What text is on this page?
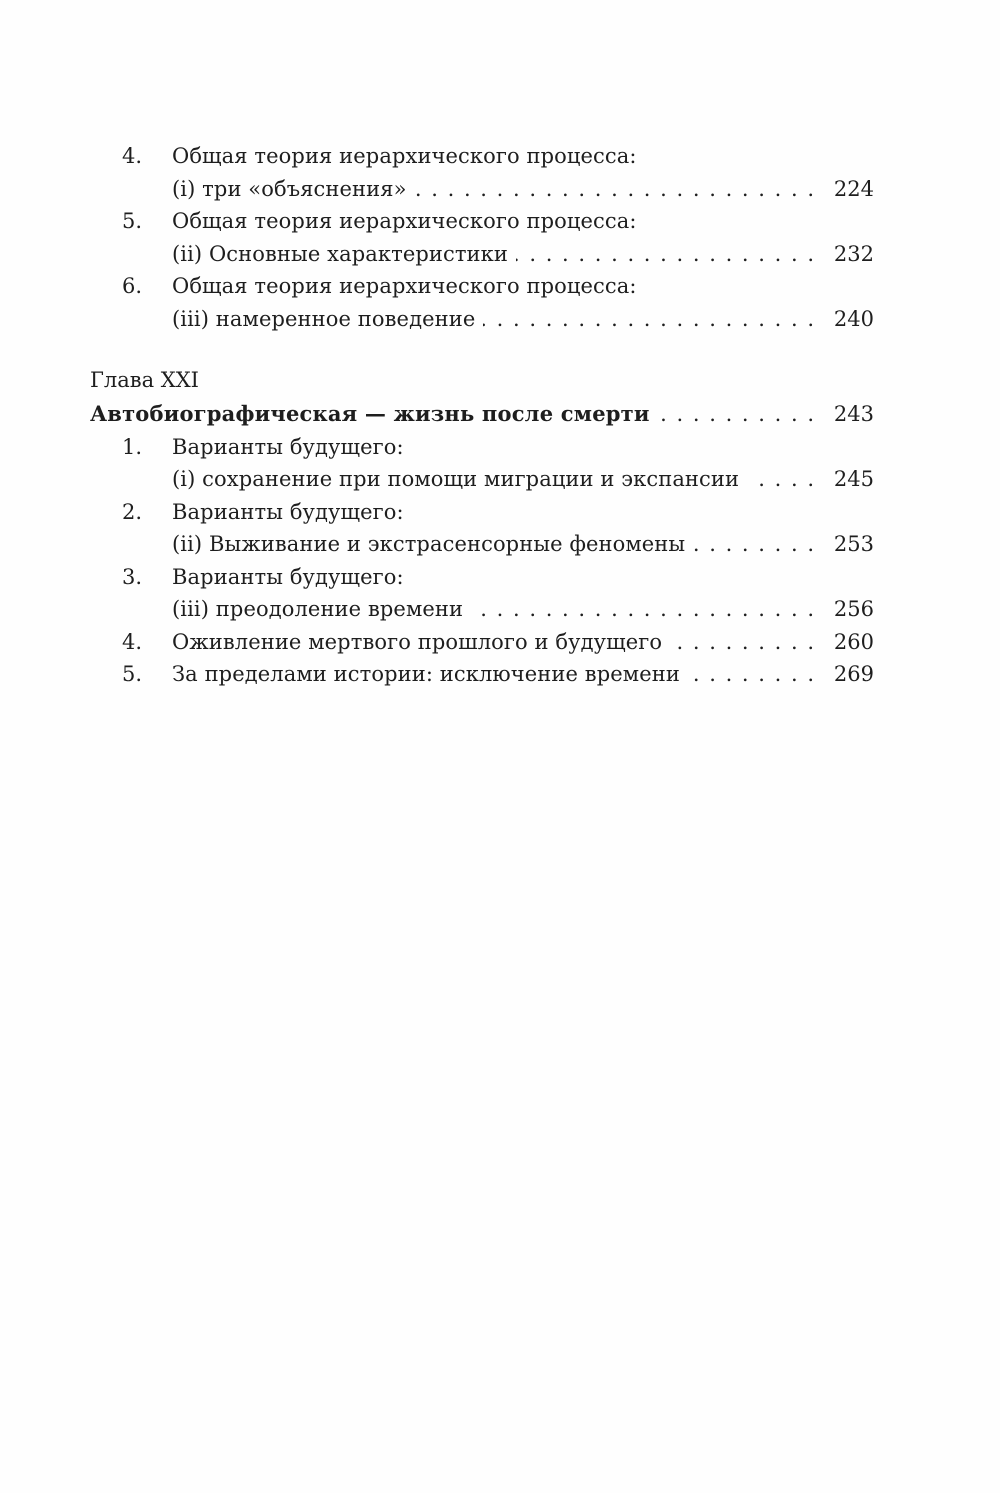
4.	Общая теория иерархического процесса:
(i) три «объяснения» . . .	224
5.	Общая теория иерархического процесса:
(ii) Основные характеристики . . .	232
6.	Общая теория иерархического процесса:
(iii) намеренное поведение . . .	240
Глава XXI
Автобиографическая — жизнь после смерти . . .	243
1.	Варианты будущего:
(i) сохранение при помощи миграции и экспансии . . .	245
2.	Варианты будущего:
(ii) Выживание и экстрасенсорные феномены . . .	253
3.	Варианты будущего:
(iii) преодоление времени . . .	256
4.	Оживление мертвого прошлого и будущего . . .	260
5.	За пределами истории: исключение времени . . .	269
